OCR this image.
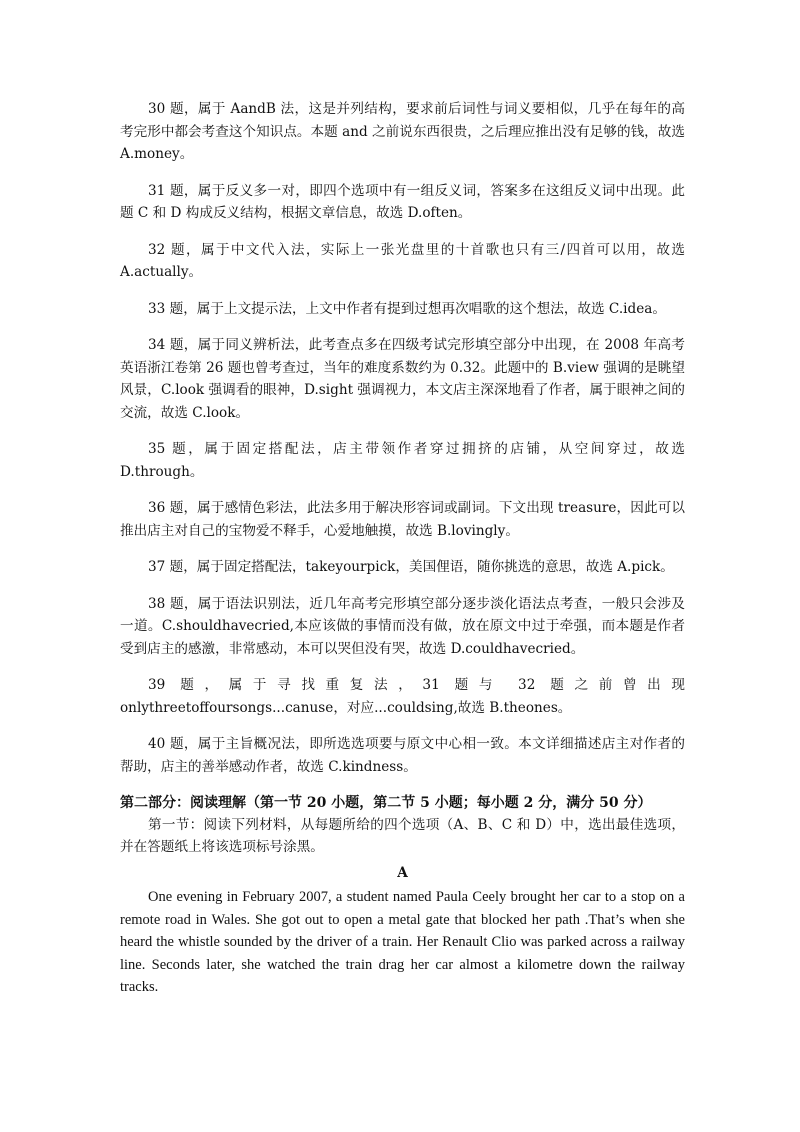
30 题，属于 AandB 法，这是并列结构，要求前后词性与词义要相似，几乎在每年的高考完形中都会考查这个知识点。本题 and 之前说东西很贵，之后理应推出没有足够的钱，故选 A.money。

31 题，属于反义多一对，即四个选项中有一组反义词，答案多在这组反义词中出现。此题 C 和 D 构成反义结构，根据文章信息，故选 D.often。

32 题，属于中文代入法，实际上一张光盘里的十首歌也只有三/四首可以用，故选 A.actually。

33 题，属于上文提示法，上文中作者有提到过想再次唱歌的这个想法，故选 C.idea。

34 题，属于同义辨析法，此考查点多在四级考试完形填空部分中出现，在 2008 年高考英语浙江卷第 26 题也曾考查过，当年的难度系数约为 0.32。此题中的 B.view 强调的是眺望风景，C.look 强调看的眼神，D.sight 强调视力，本文店主深深地看了作者，属于眼神之间的交流，故选 C.look。

35 题，属于固定搭配法，店主带领作者穿过拥挤的店铺，从空间穿过，故选 D.through。

36 题，属于感情色彩法，此法多用于解决形容词或副词。下文出现 treasure，因此可以推出店主对自己的宝物爱不释手，心爱地触摸，故选 B.lovingly。

37 题，属于固定搭配法，takeyourpick，美国俚语，随你挑选的意思，故选 A.pick。

38 题，属于语法识别法，近几年高考完形填空部分逐步淡化语法点考查，一般只会涉及一道。C.shouldhavecried,本应该做的事情而没有做，放在原文中过于牵强，而本题是作者受到店主的感激，非常感动，本可以哭但没有哭，故选 D.couldhavecried。

39 题，属于寻找重复法，31 题与 32 题之前曾出现 onlythreetoffoursongs...canuse，对应...couldsing,故选 B.theones。

40 题，属于主旨概况法，即所选选项要与原文中心相一致。本文详细描述店主对作者的帮助，店主的善举感动作者，故选 C.kindness。

第二部分：阅读理解（第一节 20 小题，第二节 5 小题；每小题 2 分，满分 50 分）

第一节：阅读下列材料，从每题所给的四个选项（A、B、C 和 D）中，选出最佳选项，并在答题纸上将该选项标号涂黑。

A

One evening in February 2007, a student named Paula Ceely brought her car to a stop on a remote road in Wales. She got out to open a metal gate that blocked her path .That’s when she heard the whistle sounded by the driver of a train. Her Renault Clio was parked across a railway line. Seconds later, she watched the train drag her car almost a kilometre down the railway tracks.
